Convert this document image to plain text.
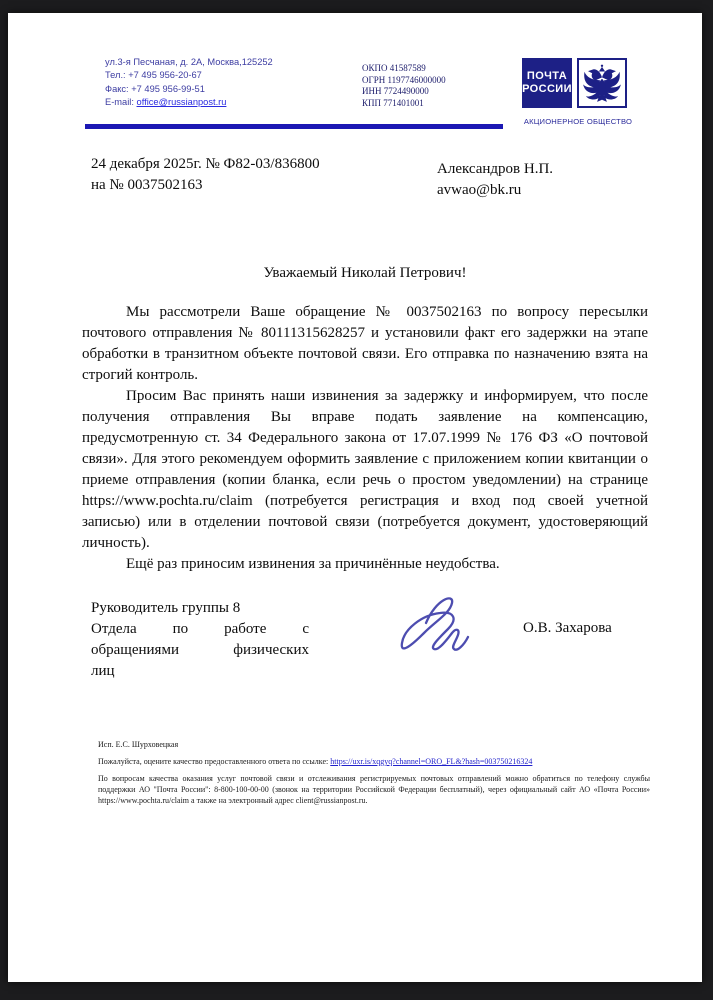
ул.3-я Песчаная, д. 2А, Москва,125252
Тел.: +7 495 956-20-67
Факс: +7 495 956-99-51
E-mail: office@russianpost.ru
ОКПО 41587589
ОГРН 1197746000000
ИНН 7724490000
КПП 771401001
ПОЧТА
РОССИИ
АКЦИОНЕРНОЕ ОБЩЕСТВО
24 декабря 2025г. № Ф82-03/836800
на № 0037502163
Александров Н.П.
avwao@bk.ru
Уважаемый Николай Петрович!

Мы рассмотрели Ваше обращение № 0037502163 по вопросу пересылки почтового отправления № 80111315628257 и установили факт его задержки на этапе обработки в транзитном объекте почтовой связи. Его отправка по назначению взята на строгий контроль.

Просим Вас принять наши извинения за задержку и информируем, что после получения отправления Вы вправе подать заявление на компенсацию, предусмотренную ст. 34 Федерального закона от 17.07.1999 № 176 ФЗ «О почтовой связи». Для этого рекомендуем оформить заявление с приложением копии квитанции о приеме отправления (копии бланка, если речь о простом уведомлении) на странице https://www.pochta.ru/claim (потребуется регистрация и вход под своей учетной записью) или в отделении почтовой связи (потребуется документ, удостоверяющий личность).

Ещё раз приносим извинения за причинённые неудобства.

Руководитель группы 8
Отдела по работе с
обращениями физических
лиц
О.В. Захарова
Исп. Е.С. Шурховецкая
Пожалуйста, оцените качество предоставленного ответа по ссылке: https://uxr.is/xqgyq?channel=ORO_FL&?hash=003750216324
По вопросам качества оказания услуг почтовой связи и отслеживания регистрируемых почтовых отправлений можно обратиться по телефону службы поддержки АО "Почта России": 8-800-100-00-00 (звонок на территории Российской Федерации бесплатный), через официальный сайт АО «Почта России» https://www.pochta.ru/claim а также на электронный адрес client@russianpost.ru.
